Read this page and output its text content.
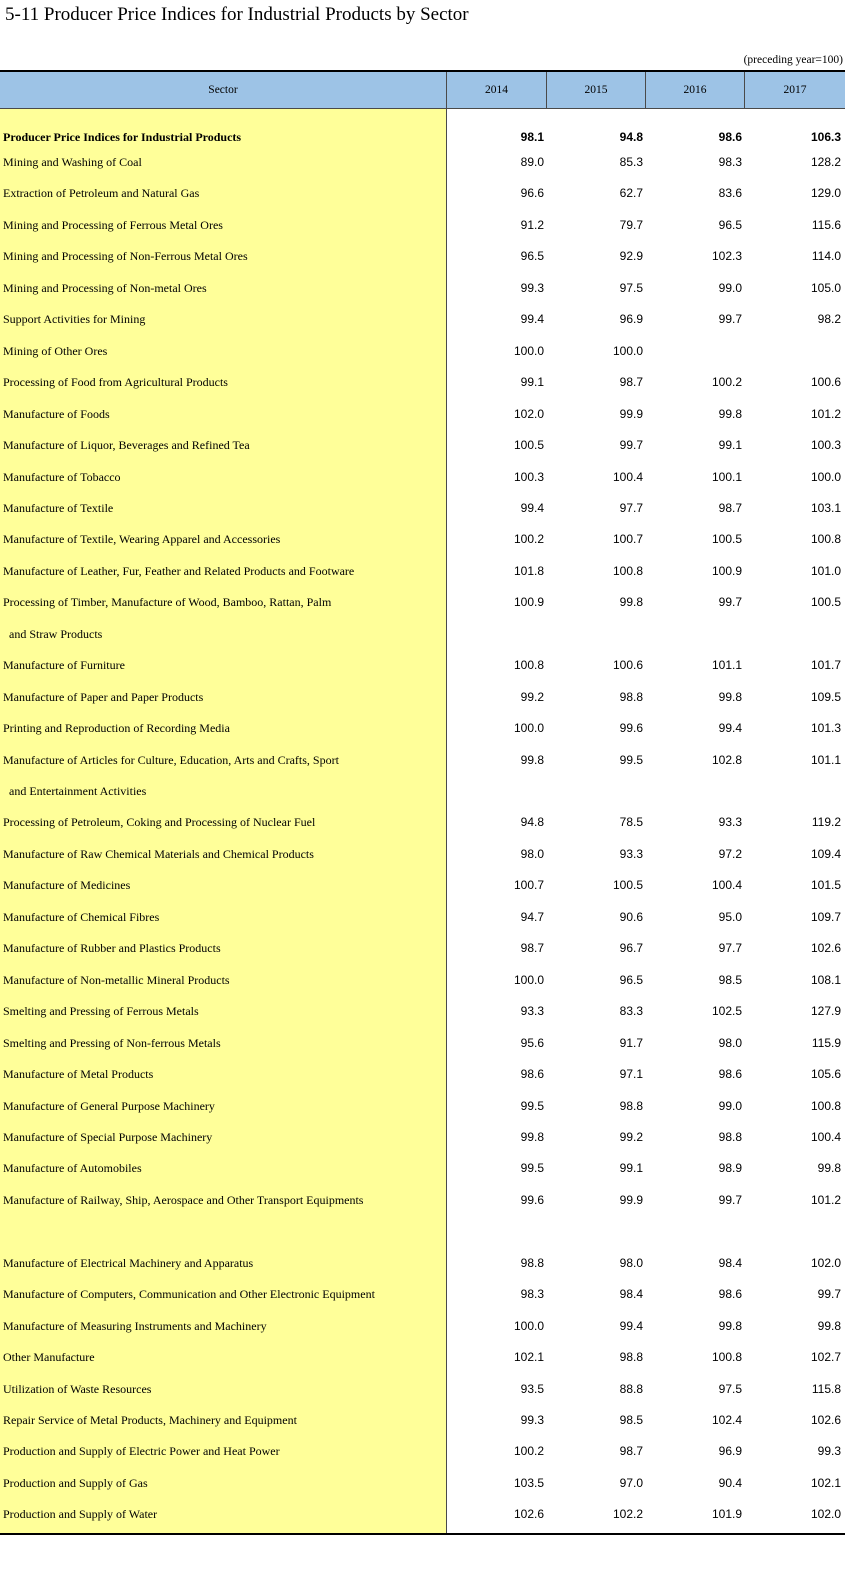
5-11 Producer Price Indices for Industrial Products by Sector
(preceding year=100)
Sector	2014	2015	2016	2017
Producer Price Indices for Industrial Products	98.1	94.8	98.6	106.3
Mining and Washing of Coal	89.0	85.3	98.3	128.2
Extraction of Petroleum and Natural Gas	96.6	62.7	83.6	129.0
Mining and Processing of Ferrous Metal Ores	91.2	79.7	96.5	115.6
Mining and Processing of Non-Ferrous Metal Ores	96.5	92.9	102.3	114.0
Mining and Processing of Non-metal Ores	99.3	97.5	99.0	105.0
Support Activities for Mining	99.4	96.9	99.7	98.2
Mining of Other Ores	100.0	100.0
Processing of Food from Agricultural Products	99.1	98.7	100.2	100.6
Manufacture of Foods	102.0	99.9	99.8	101.2
Manufacture of Liquor, Beverages and Refined Tea	100.5	99.7	99.1	100.3
Manufacture of Tobacco	100.3	100.4	100.1	100.0
Manufacture of Textile	99.4	97.7	98.7	103.1
Manufacture of Textile, Wearing Apparel and Accessories	100.2	100.7	100.5	100.8
Manufacture of Leather, Fur, Feather and Related Products and Footware	101.8	100.8	100.9	101.0
Processing of Timber, Manufacture of Wood, Bamboo, Rattan, Palm	100.9	99.8	99.7	100.5
and Straw Products
Manufacture of Furniture	100.8	100.6	101.1	101.7
Manufacture of Paper and Paper Products	99.2	98.8	99.8	109.5
Printing and Reproduction of Recording Media	100.0	99.6	99.4	101.3
Manufacture of Articles for Culture, Education, Arts and Crafts, Sport	99.8	99.5	102.8	101.1
and Entertainment Activities
Processing of Petroleum, Coking and Processing of Nuclear Fuel	94.8	78.5	93.3	119.2
Manufacture of Raw Chemical Materials and Chemical Products	98.0	93.3	97.2	109.4
Manufacture of Medicines	100.7	100.5	100.4	101.5
Manufacture of Chemical Fibres	94.7	90.6	95.0	109.7
Manufacture of Rubber and Plastics Products	98.7	96.7	97.7	102.6
Manufacture of Non-metallic Mineral Products	100.0	96.5	98.5	108.1
Smelting and Pressing of Ferrous Metals	93.3	83.3	102.5	127.9
Smelting and Pressing of Non-ferrous Metals	95.6	91.7	98.0	115.9
Manufacture of Metal Products	98.6	97.1	98.6	105.6
Manufacture of General Purpose Machinery	99.5	98.8	99.0	100.8
Manufacture of Special Purpose Machinery	99.8	99.2	98.8	100.4
Manufacture of Automobiles	99.5	99.1	98.9	99.8
Manufacture of Railway, Ship, Aerospace and Other Transport Equipments	99.6	99.9	99.7	101.2
Manufacture of Electrical Machinery and Apparatus	98.8	98.0	98.4	102.0
Manufacture of Computers, Communication and Other Electronic Equipment	98.3	98.4	98.6	99.7
Manufacture of Measuring Instruments and Machinery	100.0	99.4	99.8	99.8
Other Manufacture	102.1	98.8	100.8	102.7
Utilization of Waste Resources	93.5	88.8	97.5	115.8
Repair Service of Metal Products, Machinery and Equipment	99.3	98.5	102.4	102.6
Production and Supply of Electric Power and Heat Power	100.2	98.7	96.9	99.3
Production and Supply of Gas	103.5	97.0	90.4	102.1
Production and Supply of Water	102.6	102.2	101.9	102.0
